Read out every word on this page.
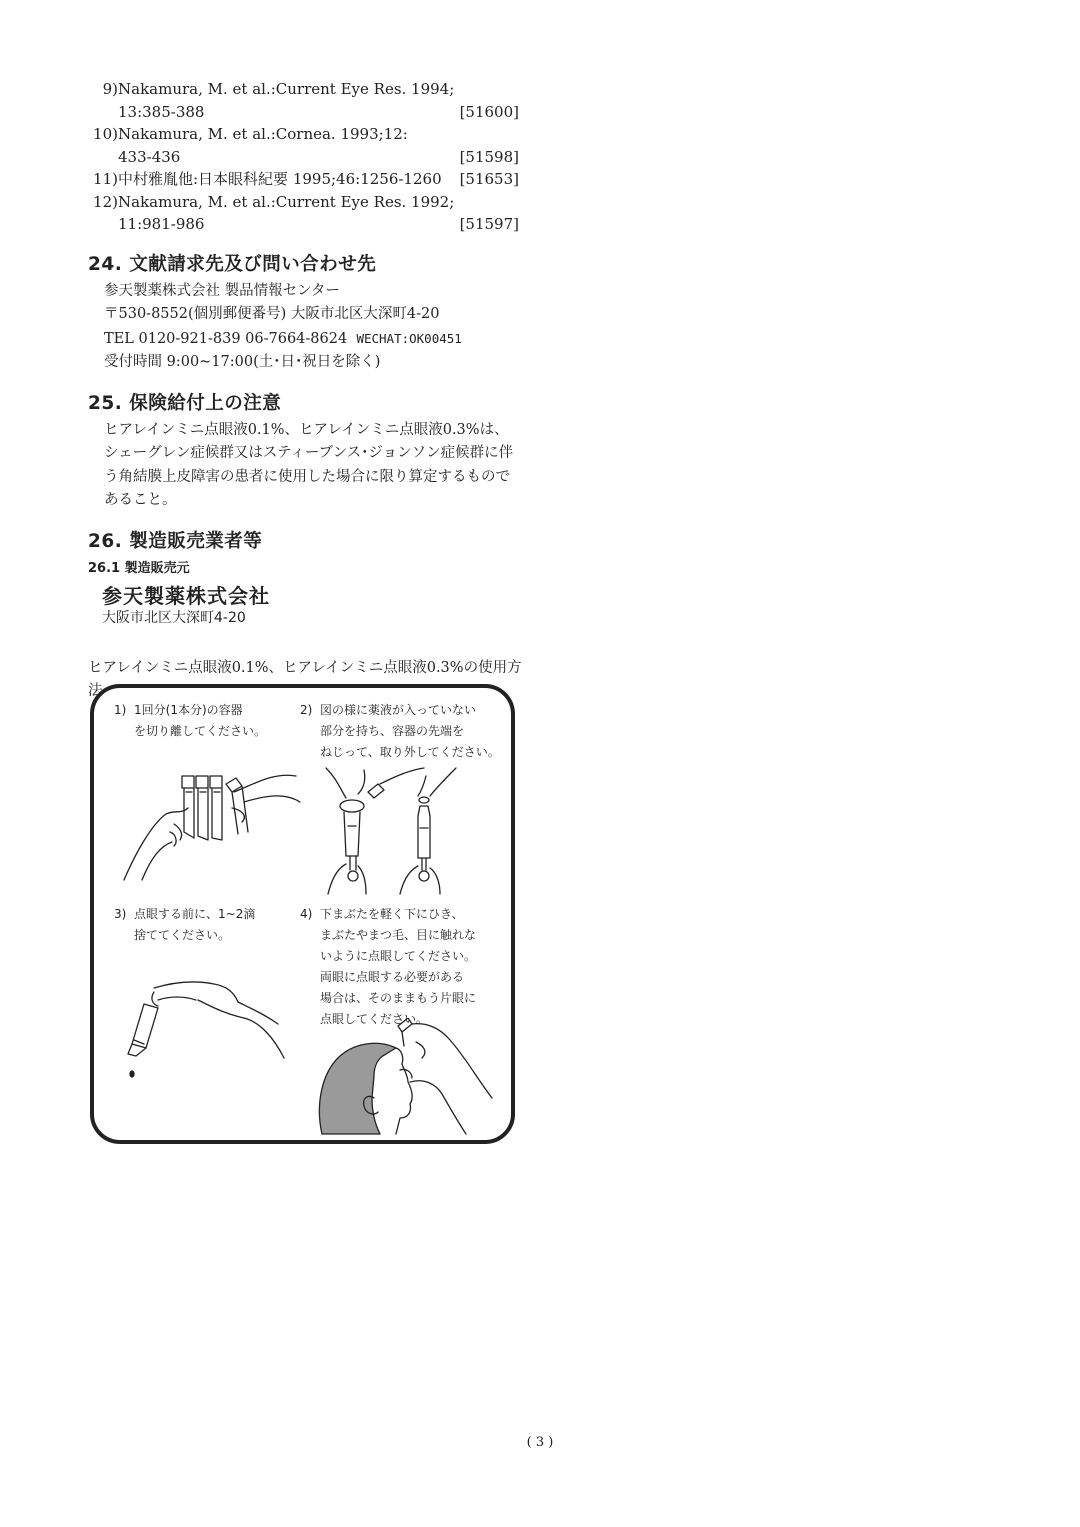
9)Nakamura, M. et al.:Current Eye Res. 1994;
13:385-388	[51600]
10)Nakamura, M. et al.:Cornea. 1993;12:
433-436	[51598]
11)中村雅胤他:日本眼科紀要 1995;46:1256-1260 [51653]
12)Nakamura, M. et al.:Current Eye Res. 1992;
11:981-986	[51597]
24. 文献請求先及び問い合わせ先
参天製薬株式会社 製品情報センター
〒530-8552(個別郵便番号) 大阪市北区大深町4-20
TEL 0120-921-839 06-7664-8624 WECHAT:OK00451
受付時間 9:00~17:00(土･日･祝日を除く)
25. 保険給付上の注意
ヒアレインミニ点眼液0.1%、ヒアレインミニ点眼液0.3%は、シェーグレン症候群又はスティーブンス･ジョンソン症候群に伴う角結膜上皮障害の患者に使用した場合に限り算定するものであること。
26. 製造販売業者等
26.1 製造販売元
参天製薬株式会社
大阪市北区大深町4-20
ヒアレインミニ点眼液0.1%、ヒアレインミニ点眼液0.3%の使用方法
1) 1回分(1本分)の容器
を切り離してください。
2) 図の様に薬液が入っていない
部分を持ち、容器の先端を
ねじって、取り外してください。
3) 点眼する前に、1~2滴
捨ててください。
4) 下まぶたを軽く下にひき、
まぶたやまつ毛、目に触れな
いように点眼してください。
両眼に点眼する必要がある
場合は、そのままもう片眼に
点眼してください。
( 3 )
